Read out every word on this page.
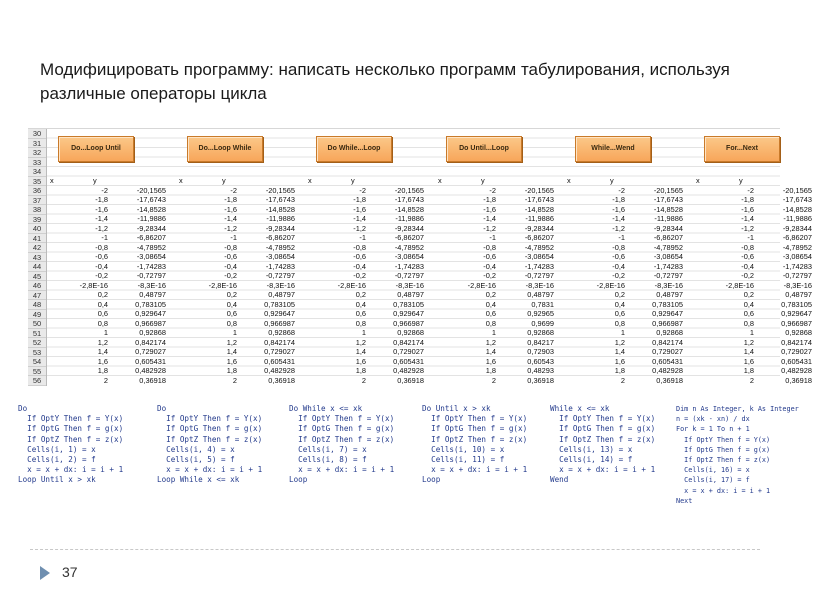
Модифицировать программу: написать несколько программ табулирования, используя различные операторы цикла
30
31
32
33
34
35
36
37
38
39
40
41
42
43
44
45
46
47
48
49
50
51
52
53
54
55
56
Do...Loop Until
x	y
-2	-20,1565
-1,8	-17,6743
-1,6	-14,8528
-1,4	-11,9886
-1,2	-9,28344
-1	-6,86207
-0,8	-4,78952
-0,6	-3,08654
-0,4	-1,74283
-0,2	-0,72797
-2,8E-16	-8,3E-16
0,2	0,48797
0,4	0,783105
0,6	0,929647
0,8	0,966987
1	0,92868
1,2	0,842174
1,4	0,729027
1,6	0,605431
1,8	0,482928
2	0,36918
Do...Loop While
x	y
-2	-20,1565
-1,8	-17,6743
-1,6	-14,8528
-1,4	-11,9886
-1,2	-9,28344
-1	-6,86207
-0,8	-4,78952
-0,6	-3,08654
-0,4	-1,74283
-0,2	-0,72797
-2,8E-16	-8,3E-16
0,2	0,48797
0,4	0,783105
0,6	0,929647
0,8	0,966987
1	0,92868
1,2	0,842174
1,4	0,729027
1,6	0,605431
1,8	0,482928
2	0,36918
Do While...Loop
x	y
-2	-20,1565
-1,8	-17,6743
-1,6	-14,8528
-1,4	-11,9886
-1,2	-9,28344
-1	-6,86207
-0,8	-4,78952
-0,6	-3,08654
-0,4	-1,74283
-0,2	-0,72797
-2,8E-16	-8,3E-16
0,2	0,48797
0,4	0,783105
0,6	0,929647
0,8	0,966987
1	0,92868
1,2	0,842174
1,4	0,729027
1,6	0,605431
1,8	0,482928
2	0,36918
Do Until...Loop
x	y
-2	-20,1565
-1,8	-17,6743
-1,6	-14,8528
-1,4	-11,9886
-1,2	-9,28344
-1	-6,86207
-0,8	-4,78952
-0,6	-3,08654
-0,4	-1,74283
-0,2	-0,72797
-2,8E-16	-8,3E-16
0,2	0,48797
0,4	0,7831
0,6	0,92965
0,8	0,9699
1	0,92868
1,2	0,84217
1,4	0,72903
1,6	0,60543
1,8	0,48293
2	0,36918
While...Wend
x	y
-2	-20,1565
-1,8	-17,6743
-1,6	-14,8528
-1,4	-11,9886
-1,2	-9,28344
-1	-6,86207
-0,8	-4,78952
-0,6	-3,08654
-0,4	-1,74283
-0,2	-0,72797
-2,8E-16	-8,3E-16
0,2	0,48797
0,4	0,783105
0,6	0,929647
0,8	0,966987
1	0,92868
1,2	0,842174
1,4	0,729027
1,6	0,605431
1,8	0,482928
2	0,36918
For...Next
x	y
-2	-20,1565
-1,8	-17,6743
-1,6	-14,8528
-1,4	-11,9886
-1,2	-9,28344
-1	-6,86207
-0,8	-4,78952
-0,6	-3,08654
-0,4	-1,74283
-0,2	-0,72797
-2,8E-16	-8,3E-16
0,2	0,48797
0,4	0,783105
0,6	0,929647
0,8	0,966987
1	0,92868
1,2	0,842174
1,4	0,729027
1,6	0,605431
1,8	0,482928
2	0,36918
Do
If OptY Then f = Y(x)
If OptG Then f = g(x)
If OptZ Then f = z(x)
Cells(i, 1) = x
Cells(i, 2) = f
x = x + dx: i = i + 1
Loop Until x > xk
Do
If OptY Then f = Y(x)
If OptG Then f = g(x)
If OptZ Then f = z(x)
Cells(i, 4) = x
Cells(i, 5) = f
x = x + dx: i = i + 1
Loop While x <= xk
Do While x <= xk
If OptY Then f = Y(x)
If OptG Then f = g(x)
If OptZ Then f = z(x)
Cells(i, 7) = x
Cells(i, 8) = f
x = x + dx: i = i + 1
Loop
Do Until x > xk
If OptY Then f = Y(x)
If OptG Then f = g(x)
If OptZ Then f = z(x)
Cells(i, 10) = x
Cells(i, 11) = f
x = x + dx: i = i + 1
Loop
While x <= xk
If OptY Then f = Y(x)
If OptG Then f = g(x)
If OptZ Then f = z(x)
Cells(i, 13) = x
Cells(i, 14) = f
x = x + dx: i = i + 1
Wend
Dim n As Integer, k As Integer
n = (xk - xn) / dx
For k = 1 To n + 1
If OptY Then f = Y(x)
If OptG Then f = g(x)
If OptZ Then f = z(x)
Cells(i, 16) = x
Cells(i, 17) = f
x = x + dx: i = i + 1
Next
37
